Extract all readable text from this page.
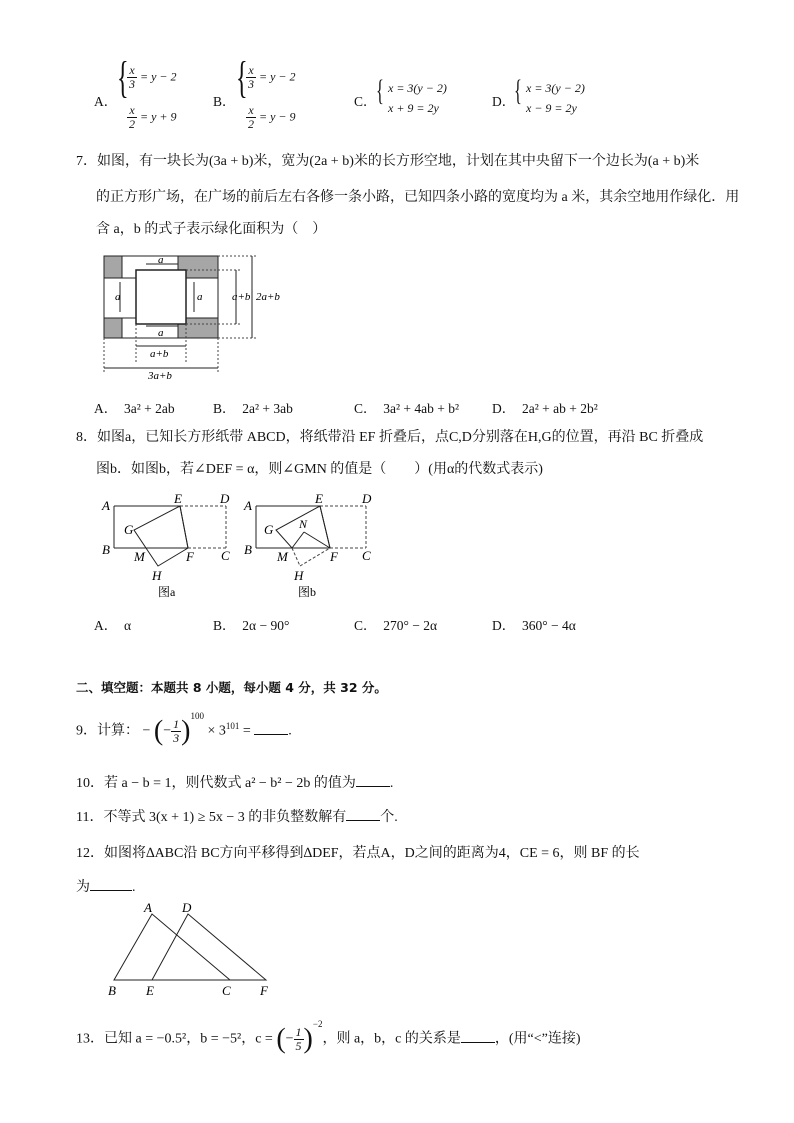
A． {
$\frac{x}{3} = y - 2$
$\frac{x}{2} = y + 9$
B． {
$\frac{x}{3} = y - 2$
$\frac{x}{2} = y - 9$
C． { x = 3(y − 2)
x + 9 = 2y	D．
{ x = 3(y − 2)
x − 9 = 2y
7．如图，有一块长为(3a + b)米，宽为(2a + b)米的长方形空地，计划在其中央留下一个边长为(a + b)米
的正方形广场，在广场的前后左右各修一条小路，已知四条小路的宽度均为 a 米，其余空地用作绿化．用
含 a，b 的式子表示绿化面积为（　）
a
a	a
a
a+b 2a+b
a+b
3a+b
A．　3a² + 2ab	B．　2a² + 3ab	C．　3a² + 4ab + b² D．　2a² + ab + 2b²
8．如图a，已知长方形纸带 ABCD，将纸带沿 EF 折叠后，点C,D分别落在H,G的位置，再沿 BC 折叠成
图b．如图b，若∠DEF = α，则∠GMN 的值是（　　）(用α的代数式表示)
A
B	C
D
E
F
G
H
M
图a
A
B	C
D
E
F
G
H
M
N
图b
A．　α	B．　2α − 90°	C．　270° − 2α	D．　360° − 4α
二、填空题：本题共 8 小题，每小题 4 分，共 32 分。
9．计算： − (− $\frac{1}{3} )^{100} \times 3^{101}$ =	.
10．若 a − b = 1，则代数式 a² − b² − 2b 的值为 .
11．不等式 3(x + 1) ≥ 5x − 3 的非负整数解有 个.
12．如图将∆ABC沿 BC方向平移得到∆DEF，若点A，D之间的距离为4，CE = 6，则 BF 的长
为	.
A D
B E	C F
13．已知 a = −0.5²，b = −5²，c = (− $\frac{1}{5} )^{-2}$，则 a，b，c 的关系是 ，(用“<”连接)
